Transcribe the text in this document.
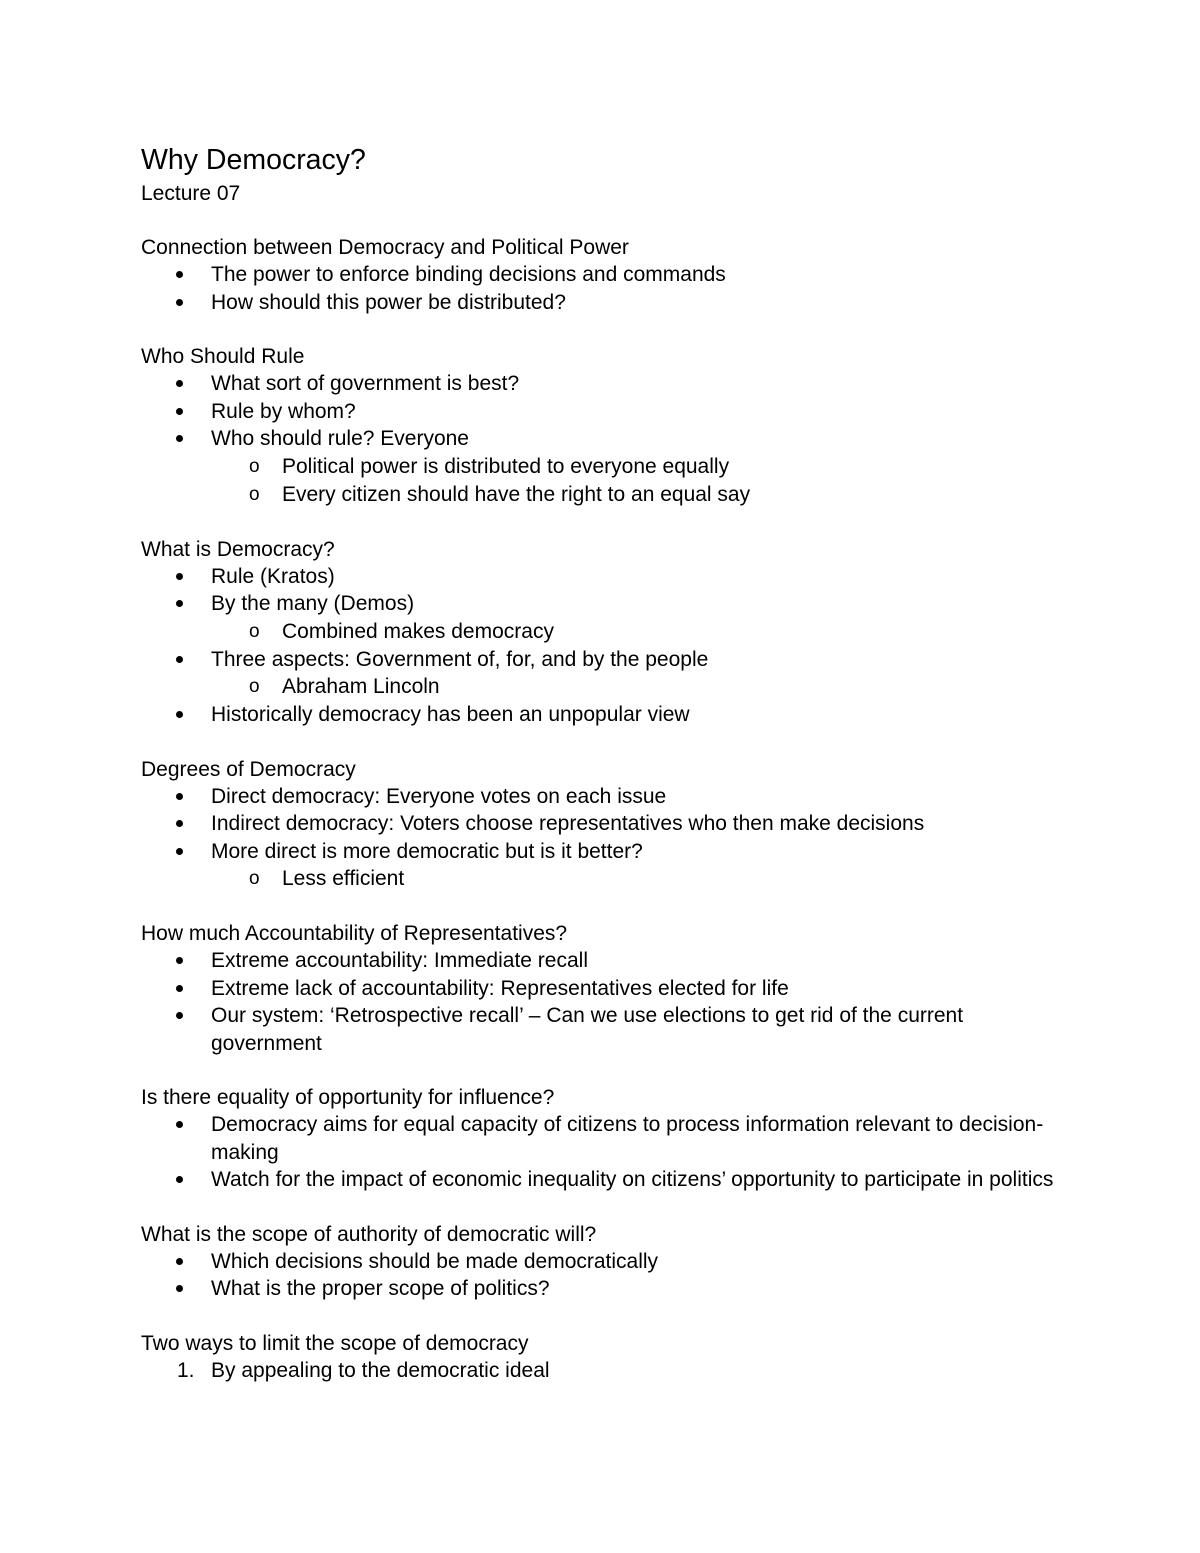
Why Democracy?
Lecture 07
Connection between Democracy and Political Power
The power to enforce binding decisions and commands
How should this power be distributed?
Who Should Rule
What sort of government is best?
Rule by whom?
Who should rule? Everyone
o Political power is distributed to everyone equally
o Every citizen should have the right to an equal say
What is Democracy?
Rule (Kratos)
By the many (Demos)
o Combined makes democracy
Three aspects: Government of, for, and by the people
o Abraham Lincoln
Historically democracy has been an unpopular view
Degrees of Democracy
Direct democracy: Everyone votes on each issue
Indirect democracy: Voters choose representatives who then make decisions
More direct is more democratic but is it better?
o Less efficient
How much Accountability of Representatives?
Extreme accountability: Immediate recall
Extreme lack of accountability: Representatives elected for life
Our system: ‘Retrospective recall’ – Can we use elections to get rid of the current government
Is there equality of opportunity for influence?
Democracy aims for equal capacity of citizens to process information relevant to decision-making
Watch for the impact of economic inequality on citizens’ opportunity to participate in politics
What is the scope of authority of democratic will?
Which decisions should be made democratically
What is the proper scope of politics?
Two ways to limit the scope of democracy
1. By appealing to the democratic ideal
